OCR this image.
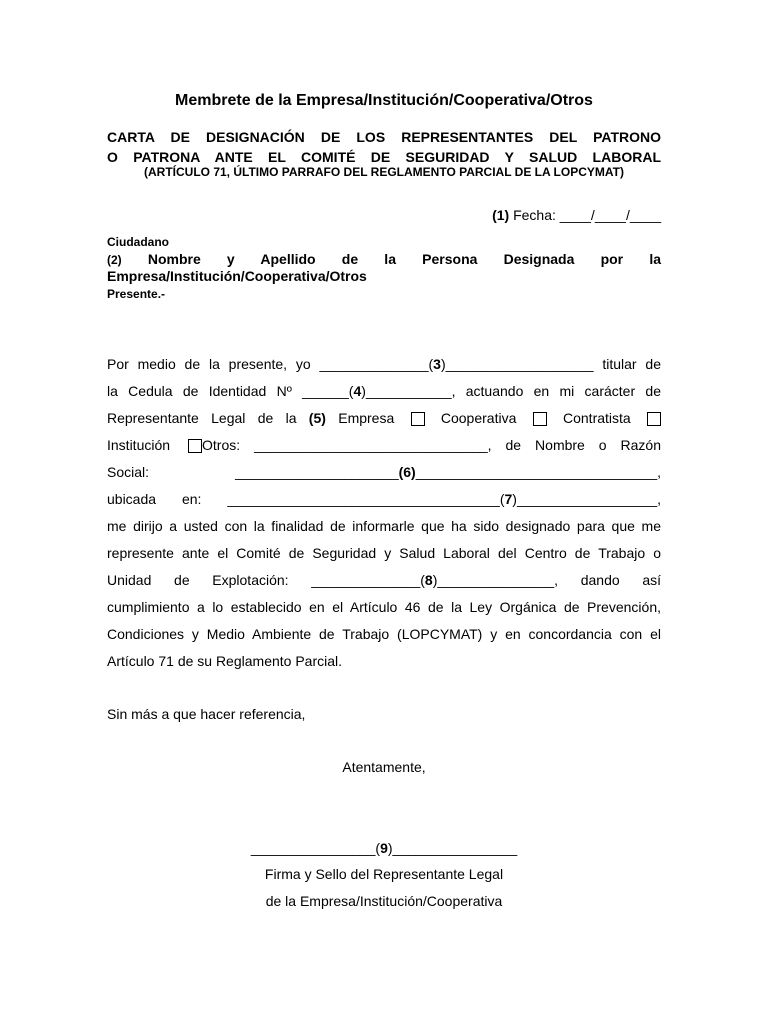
Membrete de la Empresa/Institución/Cooperativa/Otros
CARTA DE DESIGNACIÓN DE LOS REPRESENTANTES DEL PATRONO
O PATRONA ANTE EL COMITÉ DE SEGURIDAD Y SALUD LABORAL
(ARTÍCULO 71, ÚLTIMO PARRAFO DEL REGLAMENTO PARCIAL DE LA LOPCYMAT)
(1) Fecha: ____/____/____
Ciudadano
(2) Nombre y Apellido de la Persona Designada por la
Empresa/Institución/Cooperativa/Otros
Presente.-
Por medio de la presente, yo ______________(3)___________________ titular de
la Cedula de Identidad Nº ______(4)___________, actuando en mi carácter de
Representante Legal de la (5) Empresa	Cooperativa	Contratista
Institución Otros: ______________________________, de Nombre o Razón
Social:	_____________________(6)_______________________________,
ubicada en: ___________________________________(7)__________________,
me dirijo a usted con la finalidad de informarle que ha sido designado para que me
represente ante el Comité de Seguridad y Salud Laboral del Centro de Trabajo o
Unidad de Explotación: ______________(8)_______________, dando así
cumplimiento a lo establecido en el Artículo 46 de la Ley Orgánica de Prevención,
Condiciones y Medio Ambiente de Trabajo (LOPCYMAT) y en concordancia con el
Artículo 71 de su Reglamento Parcial.
Sin más a que hacer referencia,
Atentamente,
________________(9)________________
Firma y Sello del Representante Legal
de la Empresa/Institución/Cooperativa
